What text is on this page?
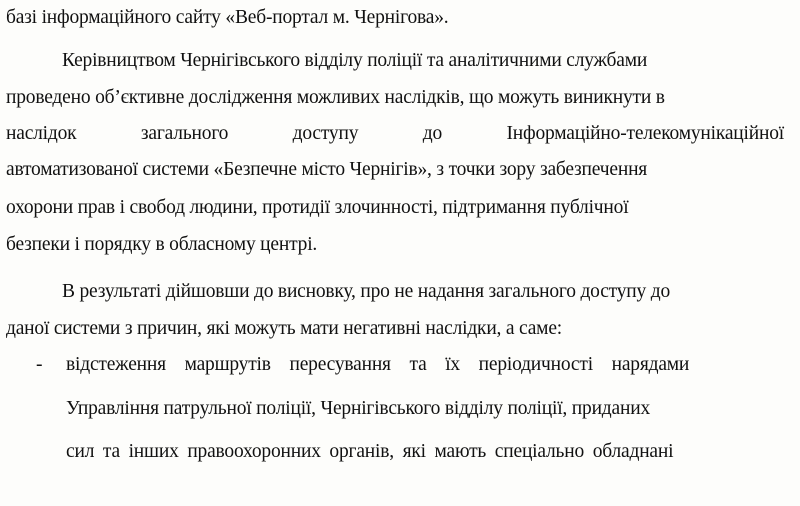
базі інформаційного сайту «Веб-портал м. Чернігова».
Керівництвом Чернігівського відділу поліції та аналітичними службами
проведено об’єктивне дослідження можливих наслідків, що можуть виникнути в
наслідок	загального	доступу	до	Інформаційно-телекомунікаційної
автоматизованої системи «Безпечне місто Чернігів», з точки зору забезпечення
охорони прав і свобод людини, протидії злочинності, підтримання публічної
безпеки і порядку в обласному центрі.
В результаті дійшовши до висновку, про не надання загального доступу до
даної системи з причин, які можуть мати негативні наслідки, а саме:
- відстеження маршрутів пересування та їх періодичності нарядами
Управління патрульної поліції, Чернігівського відділу поліції, приданих
сил та інших правоохоронних органів, які мають спеціально обладнані
